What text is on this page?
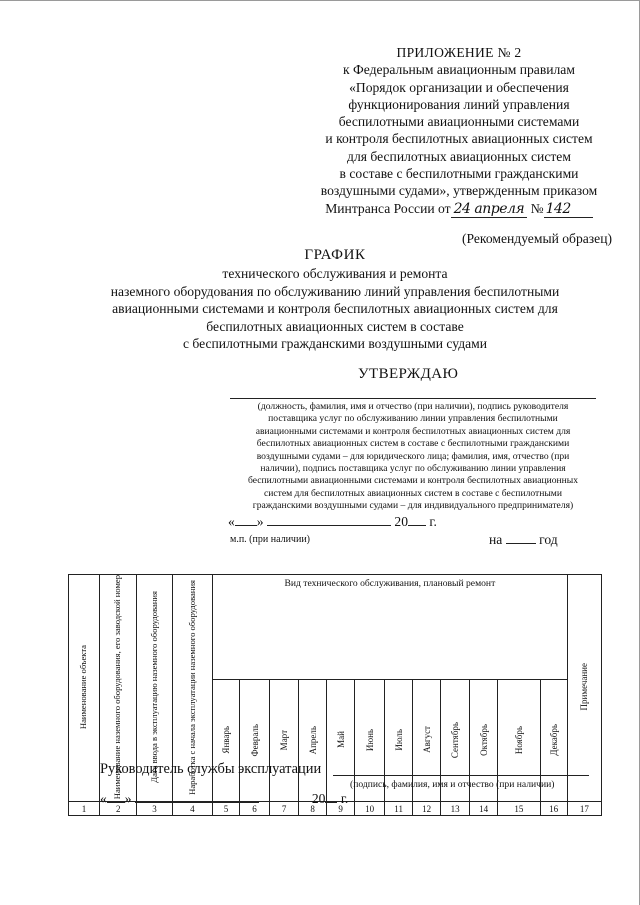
ПРИЛОЖЕНИЕ № 2
к Федеральным авиационным правилам
«Порядок организации и обеспечения
функционирования линий управления
беспилотными авиационными системами
и контроля беспилотных авиационных систем
для беспилотных авиационных систем
в составе с беспилотными гражданскими
воздушными судами», утвержденным приказом
Минтранса России от 24 апреля № 142
(Рекомендуемый образец)
ГРАФИК
технического обслуживания и ремонта
наземного оборудования по обслуживанию линий управления беспилотными
авиационными системами и контроля беспилотных авиационных систем для
беспилотных авиационных систем в составе
с беспилотными гражданскими воздушными судами
УТВЕРЖДАЮ
(должность, фамилия, имя и отчество (при наличии), подпись руководителя
поставщика услуг по обслуживанию линии управления беспилотными
авиационными системами и контроля беспилотных авиационных систем для
беспилотных авиационных систем в составе с беспилотными гражданскими
воздушными судами – для юридического лица; фамилия, имя, отчество (при
наличии), подпись поставщика услуг по обслуживанию линии управления
беспилотными авиационными системами и контроля беспилотных авиационных
систем для беспилотных авиационных систем в составе с беспилотными
гражданскими воздушными судами – для индивидуального предпринимателя)
« »	20 г.
м.п. (при наличии)	на	год
Наименование объекта	Наименование наземного оборудования, его заводской номер	Дата ввода в эксплуатацию наземного оборудования	Наработка с начала эксплуатации наземного оборудования	Вид технического обслуживания, плановый ремонт												Примечание
				Январь	Февраль	Март	Апрель	Май	Июнь	Июль	Август	Сентябрь	Октябрь	Ноябрь	Декабрь	
1	2	3	4	5	6	7	8	9	10	11	12	13	14	15	16	17
Руководитель службы эксплуатации
(подпись, фамилия, имя и отчество (при наличии)
« »	20 г.
